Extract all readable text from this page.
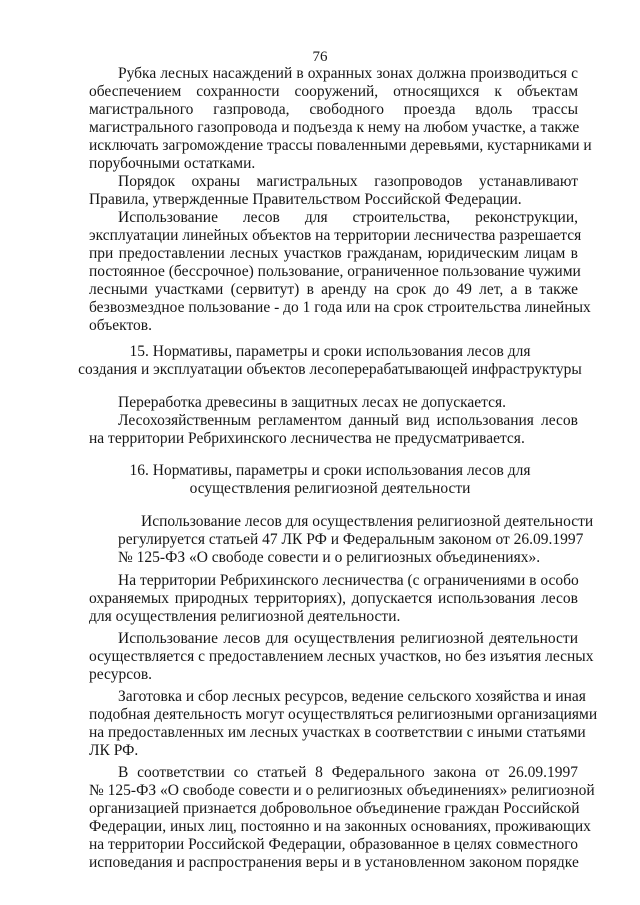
76
Рубка лесных насаждений в охранных зонах должна производиться с
обеспечением сохранности сооружений, относящихся к объектам
магистрального газпровода, свободного проезда вдоль трассы
магистрального газопровода и подъезда к нему на любом участке, а также
исключать загромождение трассы поваленными деревьями, кустарниками и
порубочными остатками.
Порядок охраны магистральных газопроводов устанавливают
Правила, утвержденные Правительством Российской Федерации.
Использование лесов для строительства, реконструкции,
эксплуатации линейных объектов на территории лесничества разрешается
при предоставлении лесных участков гражданам, юридическим лицам в
постоянное (бессрочное) пользование, ограниченное пользование чужими
лесными участками (сервитут) в аренду на срок до 49 лет, а в также
безвозмездное пользование - до 1 года или на срок строительства линейных
объектов.
15. Нормативы, параметры и сроки использования лесов для
создания и эксплуатации объектов лесоперерабатывающей инфраструктуры
Переработка древесины в защитных лесах не допускается.
Лесохозяйственным регламентом данный вид использования лесов
на территории Ребрихинского лесничества не предусматривается.
16. Нормативы, параметры и сроки использования лесов для
осуществления религиозной деятельности
Использование лесов для осуществления религиозной деятельности
регулируется статьей 47 ЛК РФ и Федеральным законом от 26.09.1997
№ 125-ФЗ «О свободе совести и о религиозных объединениях».
На территории Ребрихинского лесничества (с ограничениями в особо
охраняемых природных территориях), допускается использования лесов
для осуществления религиозной деятельности.
Использование лесов для осуществления религиозной деятельности
осуществляется с предоставлением лесных участков, но без изъятия лесных
ресурсов.
Заготовка и сбор лесных ресурсов, ведение сельского хозяйства и иная
подобная деятельность могут осуществляться религиозными организациями
на предоставленных им лесных участках в соответствии с иными статьями
ЛК РФ.
В соответствии со статьей 8 Федерального закона от 26.09.1997
№ 125-ФЗ «О свободе совести и о религиозных объединениях» религиозной
организацией признается добровольное объединение граждан Российской
Федерации, иных лиц, постоянно и на законных основаниях, проживающих
на территории Российской Федерации, образованное в целях совместного
исповедания и распространения веры и в установленном законом порядке
